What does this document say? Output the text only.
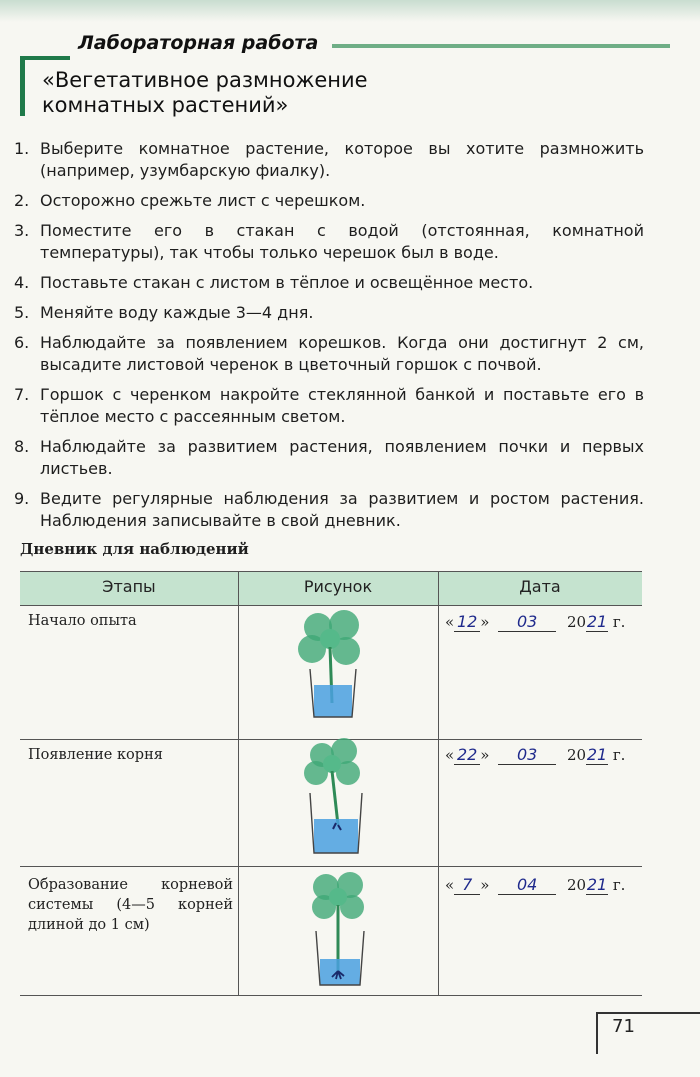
Лабораторная работа
«Вегетативное размножение
комнатных растений»
1. Выберите комнатное растение, которое вы хотите размножить (например, узумбарскую фиалку).
2. Осторожно срежьте лист с черешком.
3. Поместите его в стакан с водой (отстоянная, комнатной температуры), так чтобы только черешок был в воде.
4. Поставьте стакан с листом в тёплое и освещённое место.
5. Меняйте воду каждые 3—4 дня.
6. Наблюдайте за появлением корешков. Когда они достигнут 2 см, высадите листовой черенок в цветочный горшок с почвой.
7. Горшок с черенком накройте стеклянной банкой и поставьте его в тёплое место с рассеянным светом.
8. Наблюдайте за развитием растения, появлением почки и первых листьев.
9. Ведите регулярные наблюдения за развитием и ростом растения. Наблюдения записывайте в свой дневник.
Дневник для наблюдений
Этапы	Рисунок	Дата
Начало опыта	« 12 » 03 2021 г.
Появление корня	« 22 » 03 2021 г.
Образование корневой
системы (4—5 корней
длиной до 1 см)
« 7 » 04 2021 г.
71
